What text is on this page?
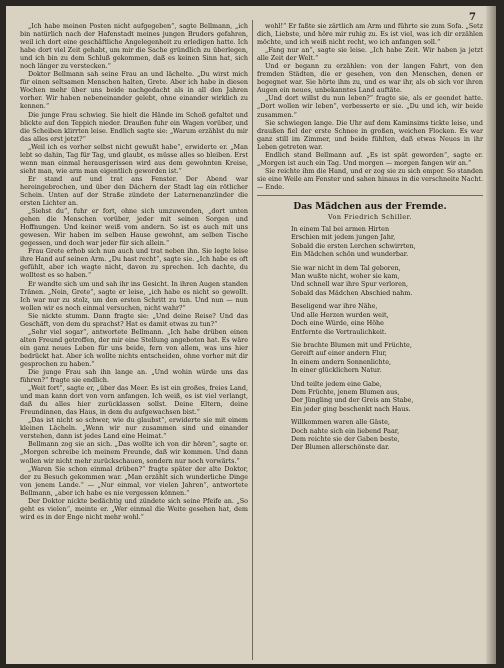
7

„Ich habe meinen Posten nicht aufgegeben“, sagte Bellmann, „ich bin natürlich nach der Hafenstadt meines jungen Bruders gefahren, weil ich dort eine geschäftliche Angelegenheit zu erledigen hatte. Ich habe dort viel Zeit gehabt, um mir die Sache gründlich zu überlegen, und ich bin zu dem Schluß gekommen, daß es keinen Sinn hat, sich noch länger zu verstecken.“

Doktor Bellmann sah seine Frau an und lächelte. „Du wirst mich für einen seltsamen Menschen halten, Grete. Aber ich habe in diesen Wochen mehr über uns beide nachgedacht als in all den Jahren vorher. Wir haben nebeneinander gelebt, ohne einander wirklich zu kennen.“

Die junge Frau schwieg. Sie hielt die Hände im Schoß gefaltet und blickte auf den Teppich nieder. Draußen fuhr ein Wagen vorüber, und die Scheiben klirrten leise. Endlich sagte sie: „Warum erzählst du mir das alles erst jetzt?“

„Weil ich es vorher selbst nicht gewußt habe“, erwiderte er. „Man lebt so dahin, Tag für Tag, und glaubt, es müsse alles so bleiben. Erst wenn man einmal herausgerissen wird aus dem gewohnten Kreise, sieht man, wie arm man eigentlich geworden ist.“

Er stand auf und trat ans Fenster. Der Abend war hereingebrochen, und über den Dächern der Stadt lag ein rötlicher Schein. Unten auf der Straße zündete der Laternenanzünder die ersten Lichter an.

„Siehst du“, fuhr er fort, ohne sich umzuwenden, „dort unten gehen die Menschen vorüber, jeder mit seinen Sorgen und Hoffnungen. Und keiner weiß vom andern. So ist es auch mit uns gewesen. Wir haben im selben Hause gewohnt, am selben Tische gegessen, und doch war jeder für sich allein.“

Frau Grete erhob sich nun auch und trat neben ihn. Sie legte leise ihre Hand auf seinen Arm. „Du hast recht“, sagte sie. „Ich habe es oft gefühlt, aber ich wagte nicht, davon zu sprechen. Ich dachte, du wolltest es so haben.“

Er wandte sich um und sah ihr ins Gesicht. In ihren Augen standen Tränen. „Nein, Grete“, sagte er leise, „ich habe es nicht so gewollt. Ich war nur zu stolz, um den ersten Schritt zu tun. Und nun — nun wollen wir es noch einmal versuchen, nicht wahr?“

Sie nickte stumm. Dann fragte sie: „Und deine Reise? Und das Geschäft, von dem du sprachst? Hat es damit etwas zu tun?“

„Sehr viel sogar“, antwortete Bellmann. „Ich habe drüben einen alten Freund getroffen, der mir eine Stellung angeboten hat. Es wäre ein ganz neues Leben für uns beide, fern von allem, was uns hier bedrückt hat. Aber ich wollte nichts entscheiden, ohne vorher mit dir gesprochen zu haben.“

Die junge Frau sah ihn lange an. „Und wohin würde uns das führen?“ fragte sie endlich.

„Weit fort“, sagte er, „über das Meer. Es ist ein großes, freies Land, und man kann dort von vorn anfangen. Ich weiß, es ist viel verlangt, daß du alles hier zurücklassen sollst. Deine Eltern, deine Freundinnen, das Haus, in dem du aufgewachsen bist.“

„Das ist nicht so schwer, wie du glaubst“, erwiderte sie mit einem kleinen Lächeln. „Wenn wir nur zusammen sind und einander verstehen, dann ist jedes Land eine Heimat.“

Bellmann zog sie an sich. „Das wollte ich von dir hören“, sagte er. „Morgen schreibe ich meinem Freunde, daß wir kommen. Und dann wollen wir nicht mehr zurückschauen, sondern nur noch vorwärts.“

„Waren Sie schon einmal drüben?“ fragte später der alte Doktor, der zu Besuch gekommen war. „Man erzählt sich wunderliche Dinge von jenem Lande.“ — „Nur einmal, vor vielen Jahren“, antwortete Bellmann, „aber ich habe es nie vergessen können.“

Der Doktor nickte bedächtig und zündete sich seine Pfeife an. „So geht es vielen“, meinte er. „Wer einmal die Weite gesehen hat, dem wird es in der Enge nicht mehr wohl.“

wohl!“ Er faßte sie zärtlich am Arm und führte sie zum Sofa. „Setz dich, Liebste, und höre mir ruhig zu. Es ist viel, was ich dir erzählen möchte, und ich weiß nicht recht, wo ich anfangen soll.“

„Fang nur an“, sagte sie leise. „Ich habe Zeit. Wir haben ja jetzt alle Zeit der Welt.“

Und er begann zu erzählen: von der langen Fahrt, von den fremden Städten, die er gesehen, von den Menschen, denen er begegnet war. Sie hörte ihm zu, und es war ihr, als ob sich vor ihren Augen ein neues, unbekanntes Land auftäte.

„Und dort willst du nun leben?“ fragte sie, als er geendet hatte. „Dort wollen wir leben“, verbesserte er sie. „Du und ich, wir beide zusammen.“

Sie schwiegen lange. Die Uhr auf dem Kaminsims tickte leise, und draußen fiel der erste Schnee in großen, weichen Flocken. Es war ganz still im Zimmer, und beide fühlten, daß etwas Neues in ihr Leben getreten war.

Endlich stand Bellmann auf. „Es ist spät geworden“, sagte er. „Morgen ist auch ein Tag. Und morgen — morgen fangen wir an.“

Sie reichte ihm die Hand, und er zog sie zu sich empor. So standen sie eine Weile am Fenster und sahen hinaus in die verschneite Nacht. — Ende.

Das Mädchen aus der Fremde.
Von Friedrich Schiller.
In einem Tal bei armen Hirten
Erschien mit jedem jungen Jahr,
Sobald die ersten Lerchen schwirrten,
Ein Mädchen schön und wunderbar.
Sie war nicht in dem Tal geboren,
Man wußte nicht, woher sie kam,
Und schnell war ihre Spur verloren,
Sobald das Mädchen Abschied nahm.
Beseligend war ihre Nähe,
Und alle Herzen wurden weit,
Doch eine Würde, eine Höhe
Entfernte die Vertraulichkeit.
Sie brachte Blumen mit und Früchte,
Gereift auf einer andern Flur,
In einem andern Sonnenlichte,
In einer glücklichern Natur.
Und teilte jedem eine Gabe,
Dem Früchte, jenem Blumen aus,
Der Jüngling und der Greis am Stabe,
Ein jeder ging beschenkt nach Haus.
Willkommen waren alle Gäste,
Doch nahte sich ein liebend Paar,
Dem reichte sie der Gaben beste,
Der Blumen allerschönste dar.
